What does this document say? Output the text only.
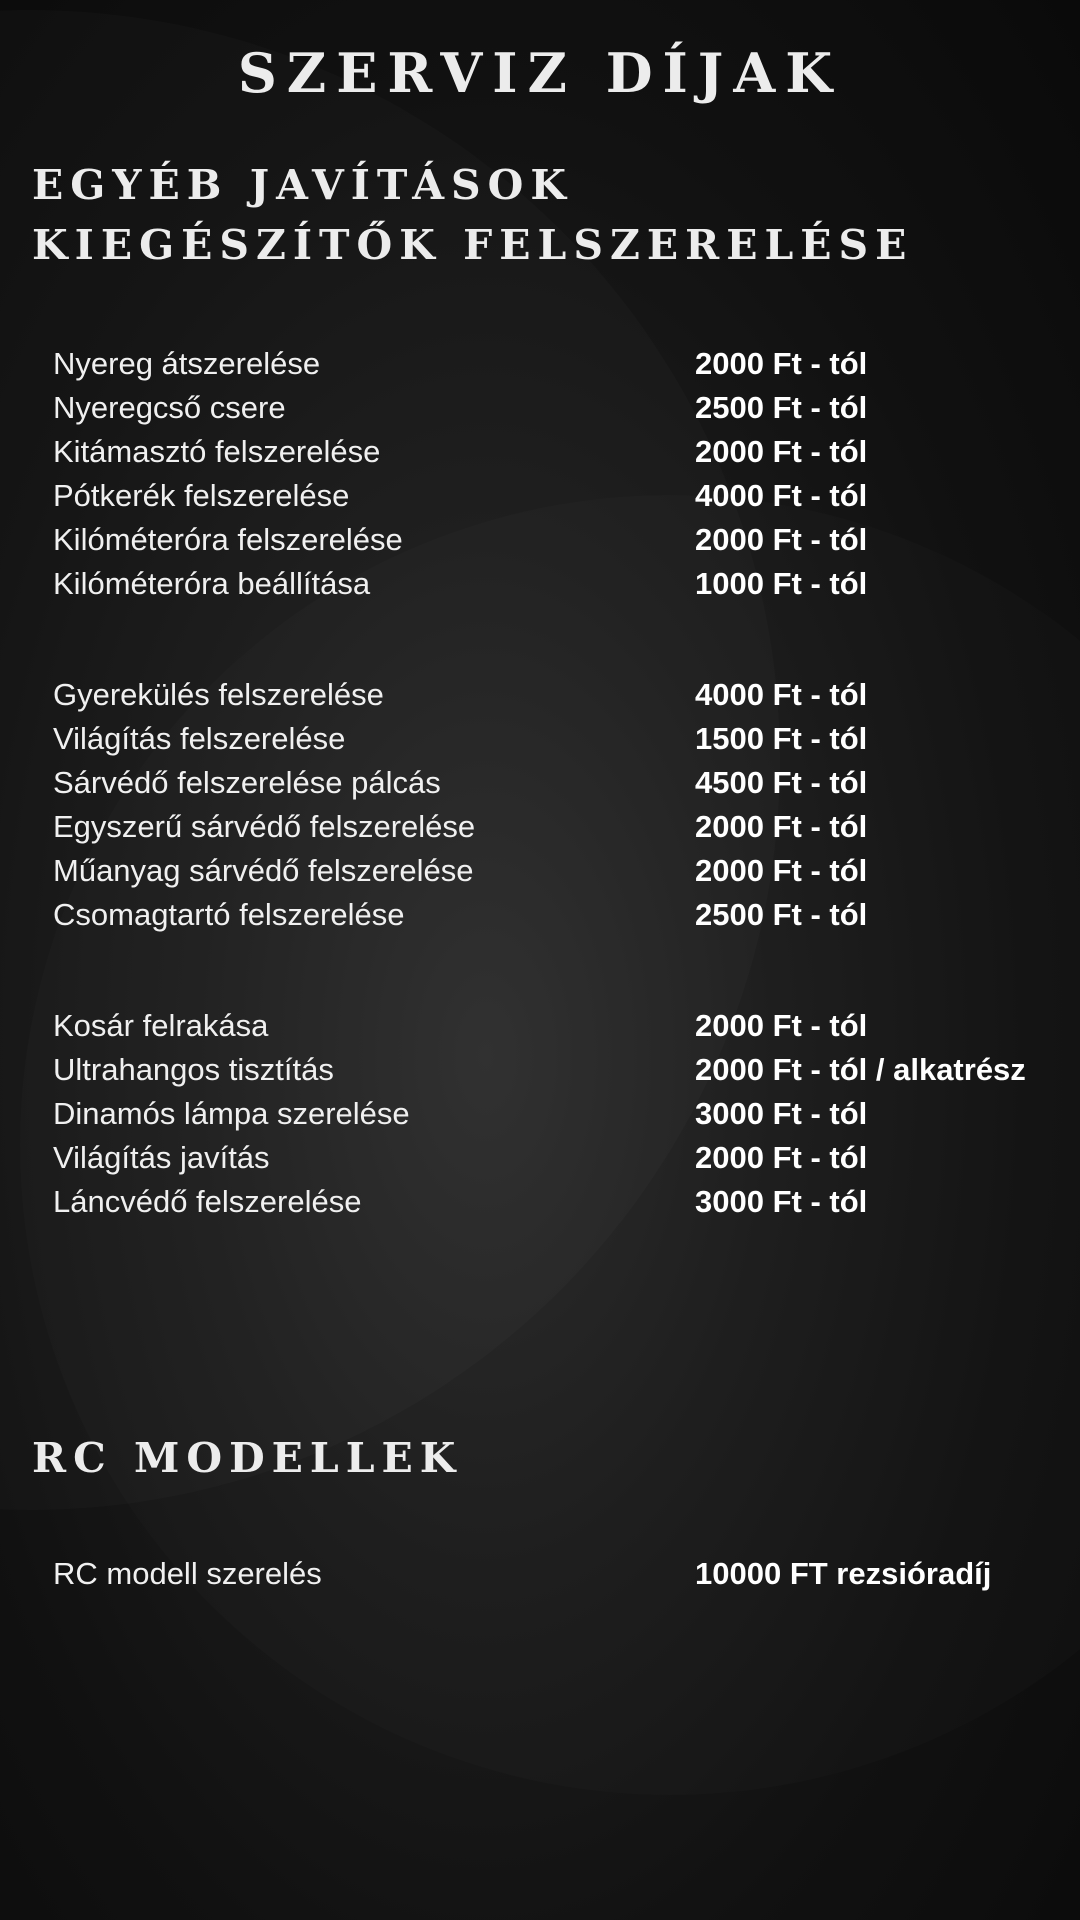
SZERVIZ DÍJAK
EGYÉB JAVÍTÁSOK
KIEGÉSZÍTŐK FELSZERELÉSE
Nyereg átszerelése	2000 Ft - tól
Nyeregcső csere	2500 Ft - tól
Kitámasztó felszerelése	2000 Ft - tól
Pótkerék felszerelése	4000 Ft - tól
Kilóméteróra felszerelése	2000 Ft - tól
Kilóméteróra beállítása	1000 Ft - tól
Gyerekülés felszerelése	4000 Ft - tól
Világítás felszerelése	1500 Ft - tól
Sárvédő felszerelése pálcás	4500 Ft - tól
Egyszerű sárvédő felszerelése	2000 Ft - tól
Műanyag sárvédő felszerelése	2000 Ft - tól
Csomagtartó felszerelése	2500 Ft - tól
Kosár felrakása	2000 Ft - tól
Ultrahangos tisztítás	2000 Ft - tól / alkatrész
Dinamós lámpa szerelése	3000 Ft - tól
Világítás javítás	2000 Ft - tól
Láncvédő felszerelése	3000 Ft - tól
RC MODELLEK
RC modell szerelés	10000 FT rezsióradíj
